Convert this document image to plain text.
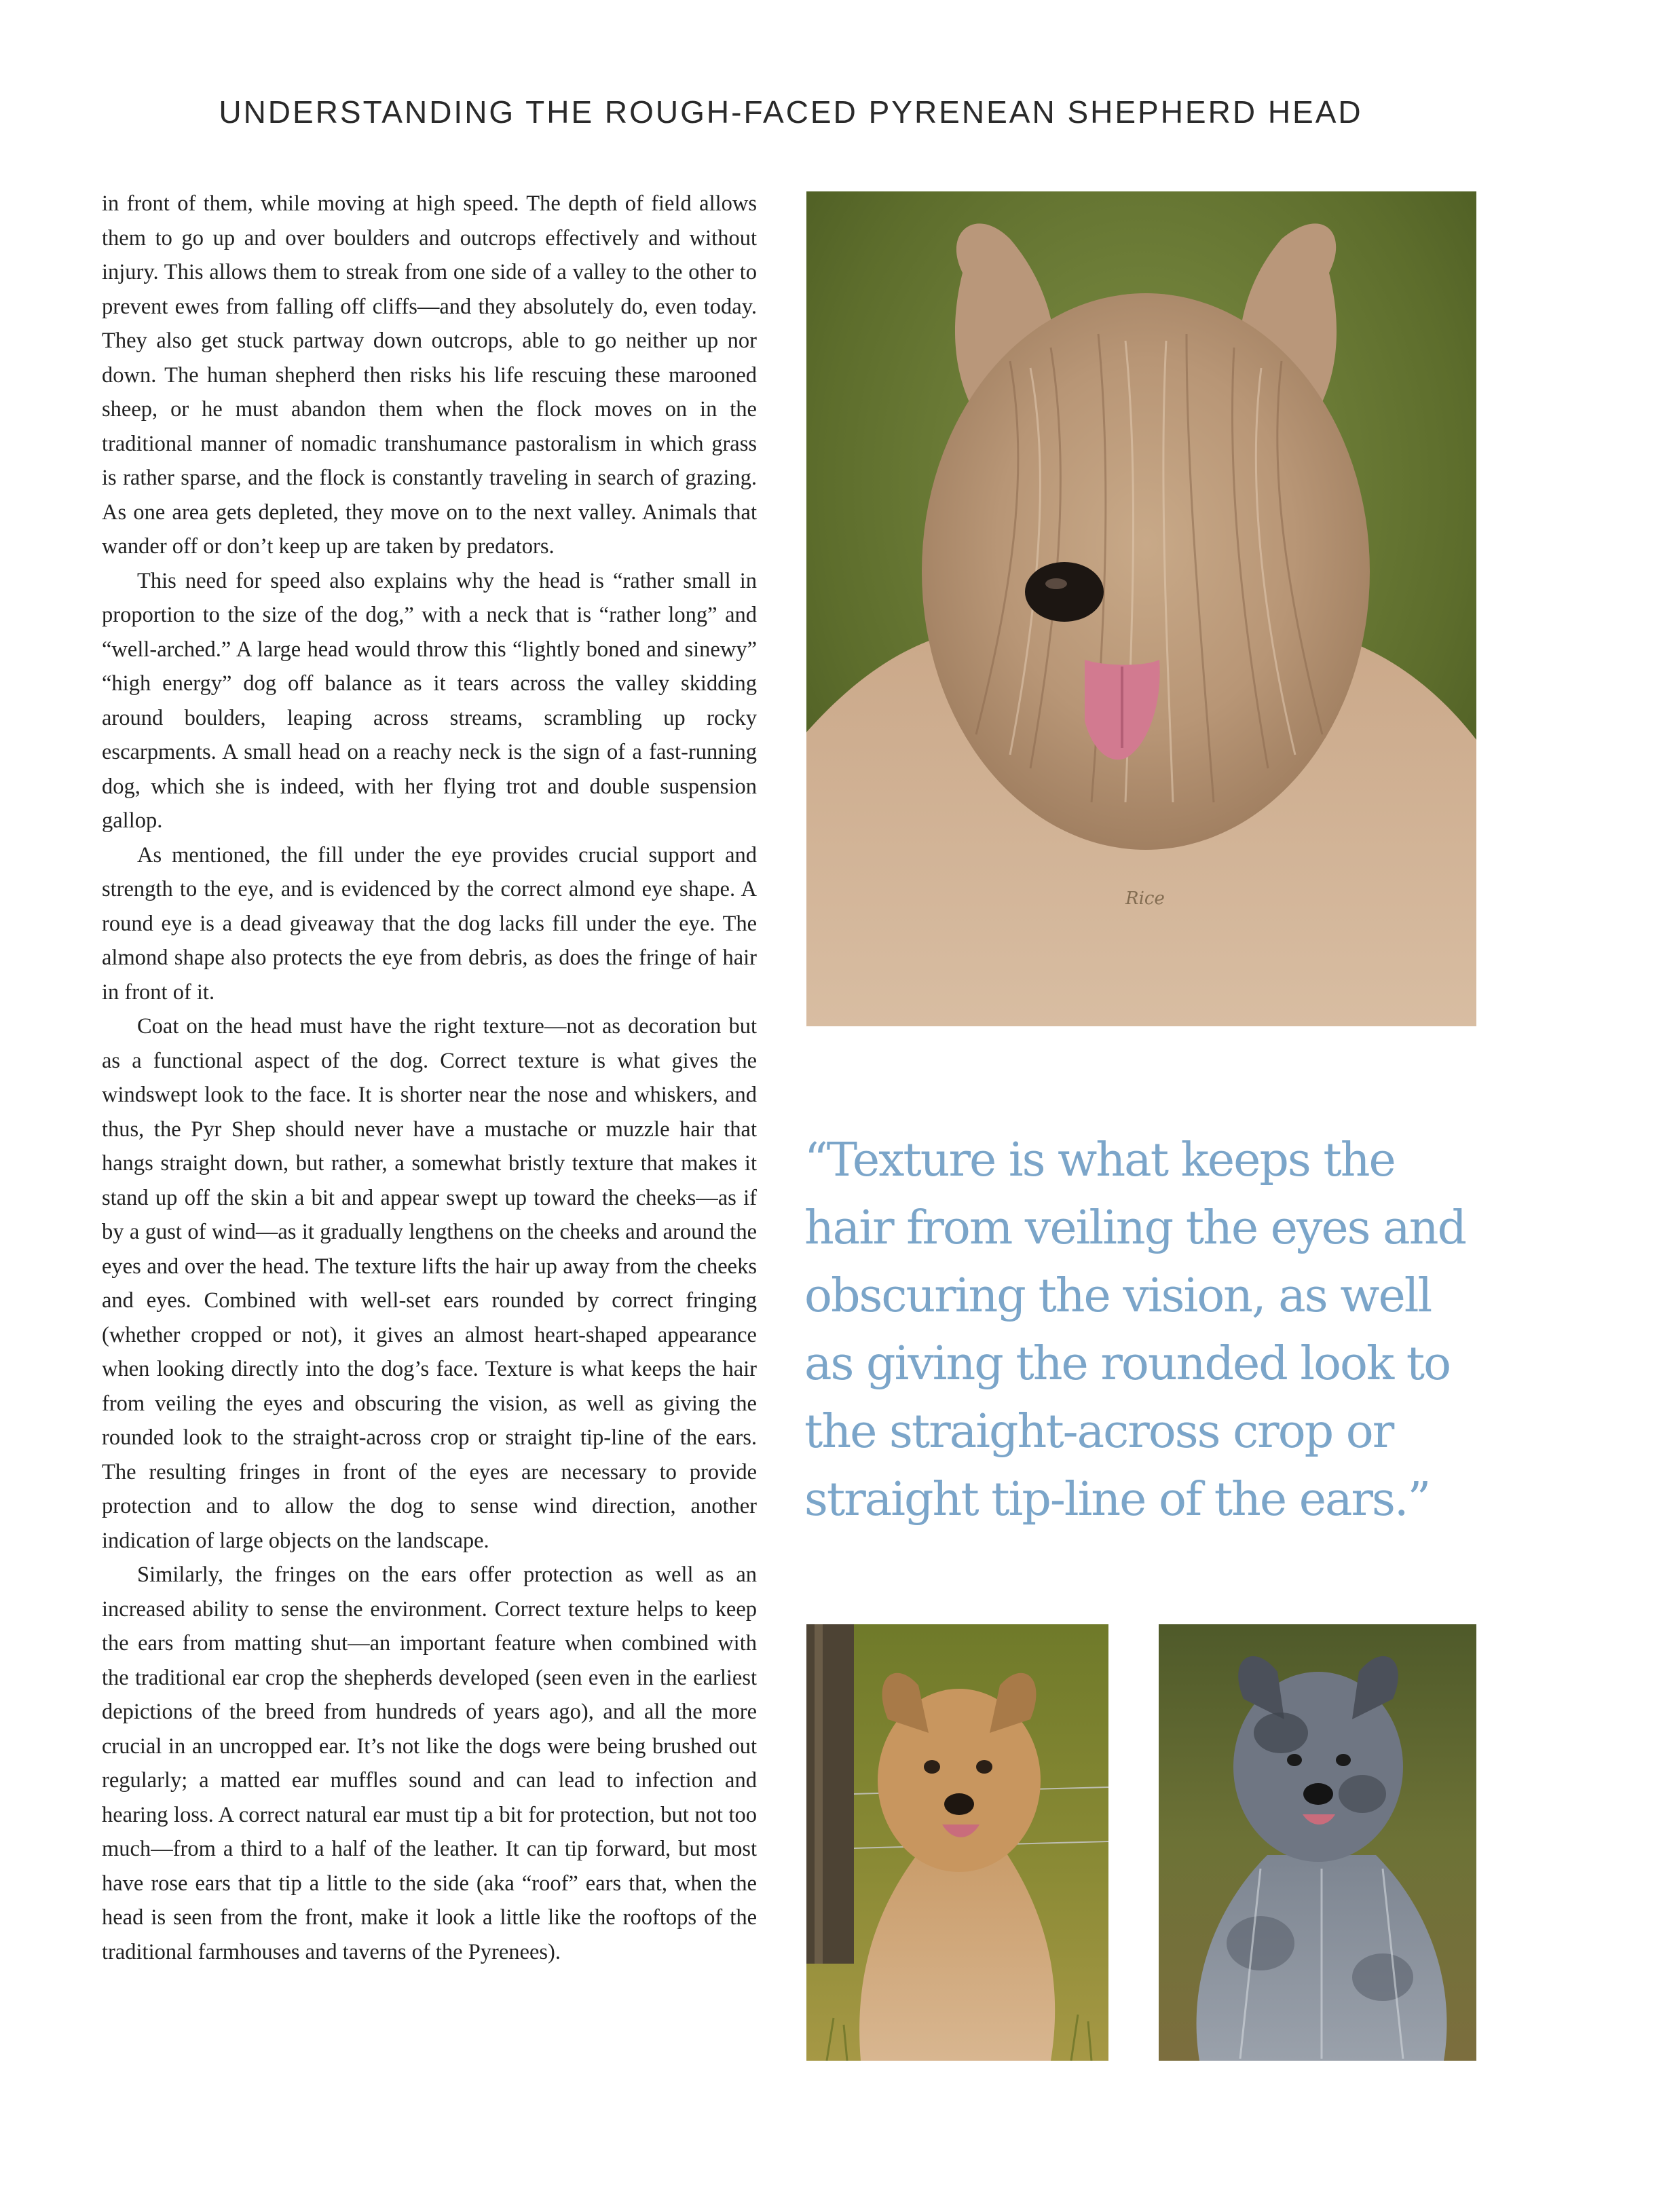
UNDERSTANDING THE ROUGH-FACED PYRENEAN SHEPHERD HEAD

in front of them, while moving at high speed. The depth of field allows them to go up and over boulders and outcrops effectively and without injury. This allows them to streak from one side of a valley to the other to prevent ewes from falling off cliffs—and they absolutely do, even today. They also get stuck partway down outcrops, able to go neither up nor down. The human shepherd then risks his life rescuing these marooned sheep, or he must abandon them when the flock moves on in the traditional manner of nomadic transhumance pastoralism in which grass is rather sparse, and the flock is constantly traveling in search of grazing. As one area gets depleted, they move on to the next valley. Animals that wander off or don’t keep up are taken by predators.

This need for speed also explains why the head is “rather small in proportion to the size of the dog,” with a neck that is “rather long” and “well-arched.” A large head would throw this “lightly boned and sinewy” “high energy” dog off balance as it tears across the valley skidding around boulders, leaping across streams, scrambling up rocky escarpments. A small head on a reachy neck is the sign of a fast-running dog, which she is indeed, with her flying trot and double suspension gallop.

As mentioned, the fill under the eye provides crucial support and strength to the eye, and is evidenced by the correct almond eye shape. A round eye is a dead giveaway that the dog lacks fill under the eye. The almond shape also protects the eye from debris, as does the fringe of hair in front of it.

Coat on the head must have the right texture—not as decoration but as a functional aspect of the dog. Correct texture is what gives the windswept look to the face. It is shorter near the nose and whiskers, and thus, the Pyr Shep should never have a mustache or muzzle hair that hangs straight down, but rather, a somewhat bristly texture that makes it stand up off the skin a bit and appear swept up toward the cheeks—as if by a gust of wind—as it gradually lengthens on the cheeks and around the eyes and over the head. The texture lifts the hair up away from the cheeks and eyes. Combined with well-set ears rounded by correct fringing (whether cropped or not), it gives an almost heart-shaped appearance when looking directly into the dog’s face. Texture is what keeps the hair from veiling the eyes and obscuring the vision, as well as giving the rounded look to the straight-across crop or straight tip-line of the ears. The resulting fringes in front of the eyes are necessary to provide protection and to allow the dog to sense wind direction, another indication of large objects on the landscape.

Similarly, the fringes on the ears offer protection as well as an increased ability to sense the environment. Correct texture helps to keep the ears from matting shut—an important feature when combined with the traditional ear crop the shepherds developed (seen even in the earliest depictions of the breed from hundreds of years ago), and all the more crucial in an uncropped ear. It’s not like the dogs were being brushed out regularly; a matted ear muffles sound and can lead to infection and hearing loss. A correct natural ear must tip a bit for protection, but not too much—from a third to a half of the leather. It can tip forward, but most have rose ears that tip a little to the side (aka “roof” ears that, when the head is seen from the front, make it look a little like the rooftops of the traditional farmhouses and taverns of the Pyrenees).

Rice
“Texture is what keeps the hair from veiling the eyes and obscuring the vision, as well as giving the rounded look to the straight-across crop or straight tip-line of the ears.”
